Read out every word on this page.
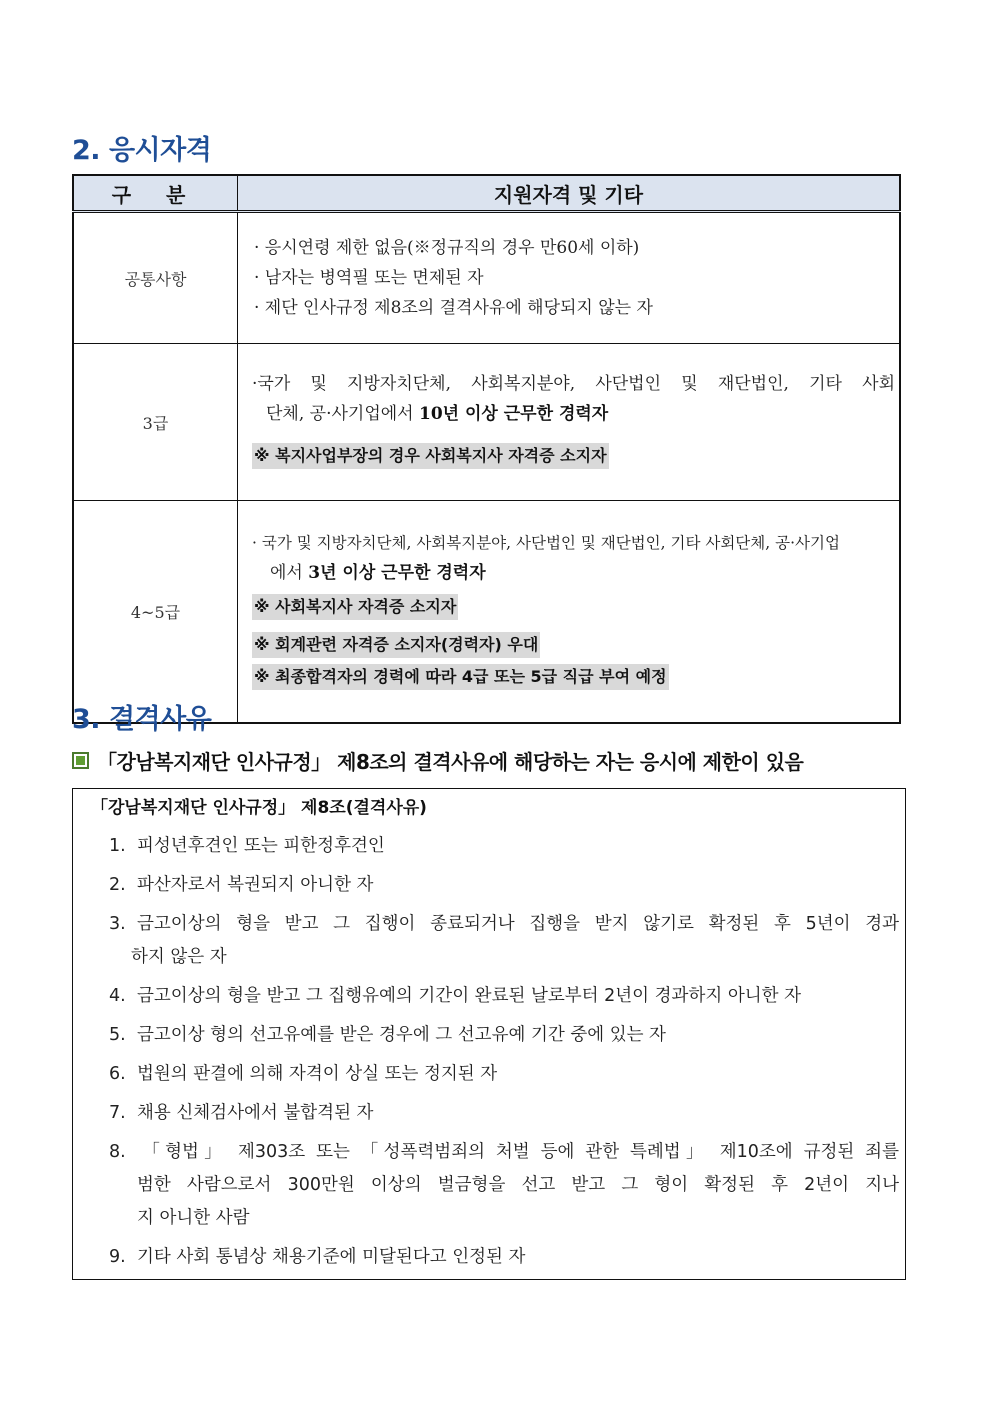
2. 응시자격
구 분	지원자격 및 기타
공통사항	· 응시연령 제한 없음(※정규직의 경우 만60세 이하)
· 남자는 병역필 또는 면제된 자
· 제단 인사규정 제8조의 결격사유에 해당되지 않는 자

3급	·국가 및 지방자치단체, 사회복지분야, 사단법인 및 재단법인, 기타 사회
단체, 공·사기업에서 10년 이상 근무한 경력자
※ 복지사업부장의 경우 사회복지사 자격증 소지자

4~5급	· 국가 및 지방자치단체, 사회복지분야, 사단법인 및 재단법인, 기타 사회단체, 공·사기업
에서 3년 이상 근무한 경력자
※ 사회복지사 자격증 소지자
※ 회계관련 자격증 소지자(경력자) 우대
※ 최종합격자의 경력에 따라 4급 또는 5급 직급 부여 예정
3. 결격사유
「강남복지재단 인사규정」 제8조의 결격사유에 해당하는 자는 응시에 제한이 있음
「강남복지재단 인사규정」 제8조(결격사유)
1. 피성년후견인 또는 피한정후견인
2. 파산자로서 복권되지 아니한 자
3. 금고이상의 형을 받고 그 집행이 종료되거나 집행을 받지 않기로 확정된 후 5년이 경과
하지 않은 자
4. 금고이상의 형을 받고 그 집행유예의 기간이 완료된 날로부터 2년이 경과하지 아니한 자
5. 금고이상 형의 선고유예를 받은 경우에 그 선고유예 기간 중에 있는 자
6. 법원의 판결에 의해 자격이 상실 또는 정지된 자
7. 채용 신체검사에서 불합격된 자
8. 「형법」 제303조 또는 「성폭력범죄의 처벌 등에 관한 특례법」 제10조에 규정된 죄를
범한 사람으로서 300만원 이상의 벌금형을 선고 받고 그 형이 확정된 후 2년이 지나
지 아니한 사람
9. 기타 사회 통념상 채용기준에 미달된다고 인정된 자
